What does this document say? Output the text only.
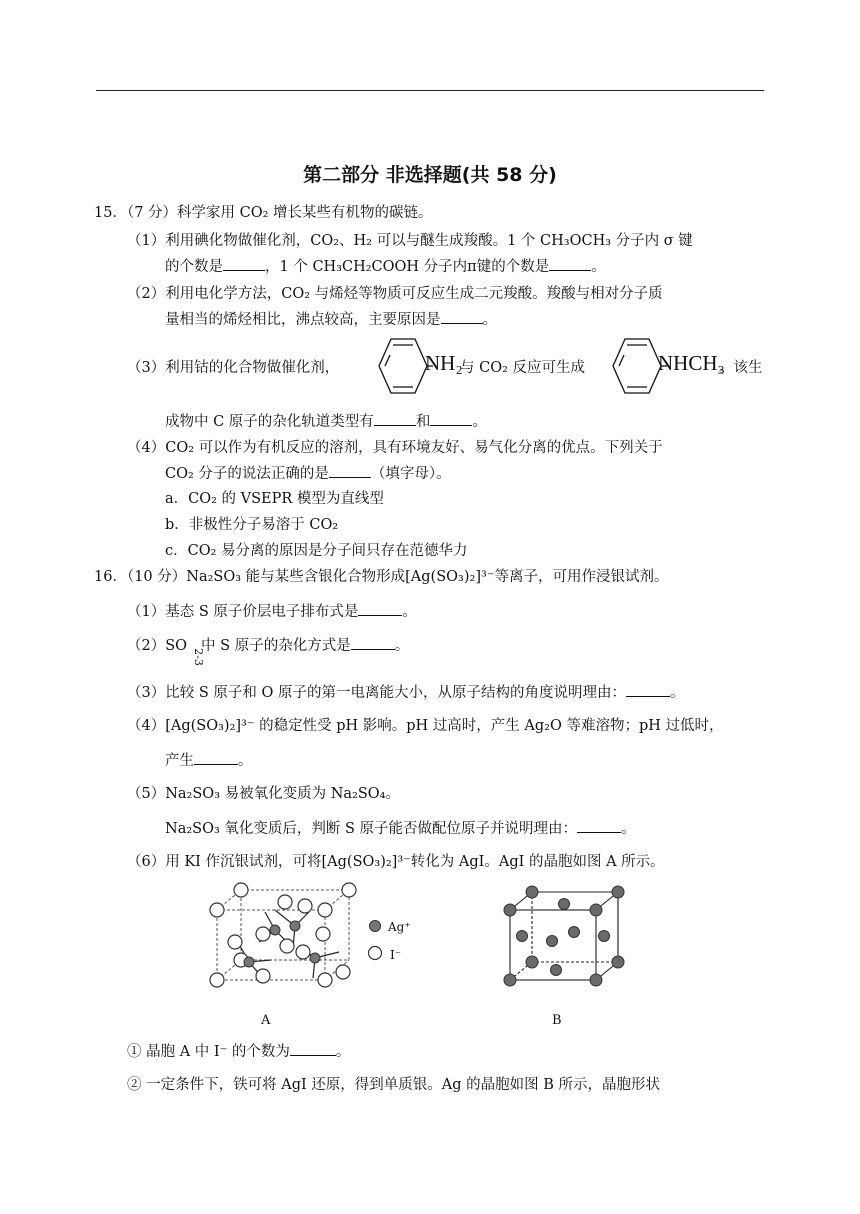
第二部分 非选择题(共 58 分)
15．（7 分）科学家用 CO₂ 增长某些有机物的碳链。
（1）利用碘化物做催化剂，CO₂、H₂ 可以与醚生成羧酸。1 个 CH₃OCH₃ 分子内 σ 键
的个数是	，1 个 CH₃CH₂COOH 分子内π键的个数是	。
（2）利用电化学方法，CO₂ 与烯烃等物质可反应生成二元羧酸。羧酸与相对分子质
量相当的烯烃相比，沸点较高，主要原因是	。
（3）利用钴的化合物做催化剂，	NH₂
与 CO₂ 反应可生成	NHCH₃
。该生
成物中 C 原子的杂化轨道类型有	和	。
（4）CO₂ 可以作为有机反应的溶剂，具有环境友好、易气化分离的优点。下列关于
CO₂ 分子的说法正确的是	（填字母）。
a．CO₂ 的 VSEPR 模型为直线型
b．非极性分子易溶于 CO₂
c．CO₂ 易分离的原因是分子间只存在范德华力
16．（10 分）Na₂SO₃ 能与某些含银化合物形成[Ag(SO₃)₂]³⁻等离子，可用作浸银试剂。
（1）基态 S 原子价层电子排布式是	。
（2）SO
2-3
中 S 原子的杂化方式是	。
（3）比较 S 原子和 O 原子的第一电离能大小，从原子结构的角度说明理由：	。
（4）[Ag(SO₃)₂]³⁻ 的稳定性受 pH 影响。pH 过高时，产生 Ag₂O 等难溶物；pH 过低时，
产生	。
（5）Na₂SO₃ 易被氧化变质为 Na₂SO₄。
Na₂SO₃ 氧化变质后，判断 S 原子能否做配位原子并说明理由：	。
（6）用 KI 作沉银试剂，可将[Ag(SO₃)₂]³⁻转化为 AgI。AgI 的晶胞如图 A 所示。
Ag⁺
I⁻
A	B
① 晶胞 A 中 I⁻ 的个数为	。
② 一定条件下，铁可将 AgI 还原，得到单质银。Ag 的晶胞如图 B 所示，晶胞形状
